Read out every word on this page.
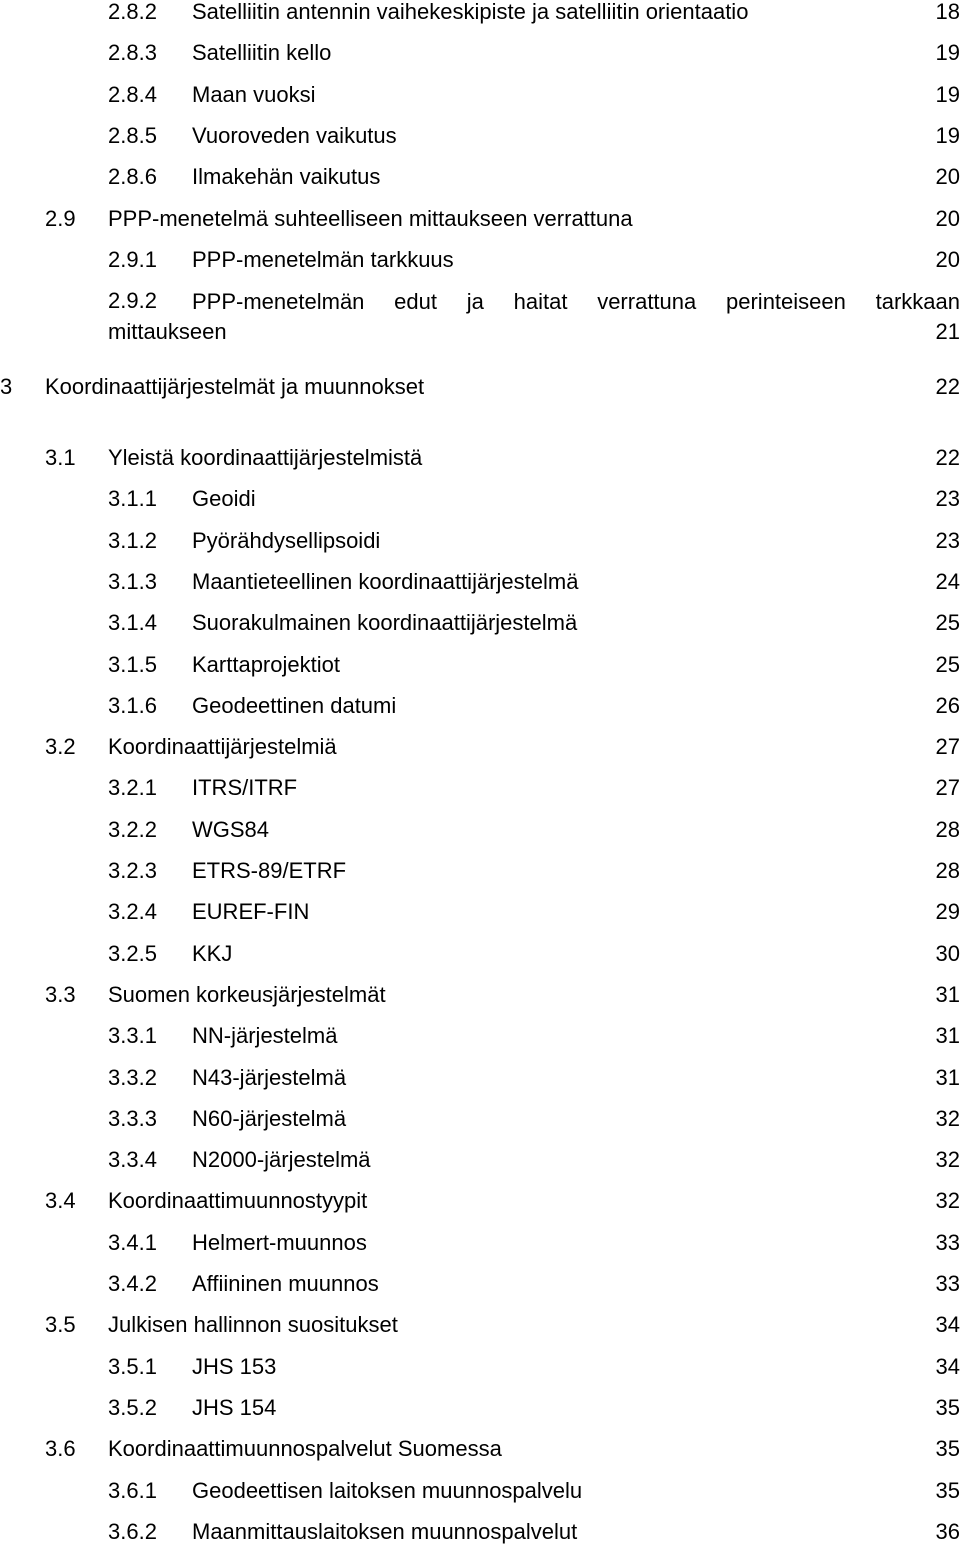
2.8.2 Satelliitin antennin vaihekeskipiste ja satelliitin orientaatio	18
2.8.3 Satelliitin kello	19
2.8.4 Maan vuoksi	19
2.8.5 Vuoroveden vaikutus	19
2.8.6 Ilmakehän vaikutus	20
2.9 PPP-menetelmä suhteelliseen mittaukseen verrattuna	20
2.9.1 PPP-menetelmän tarkkuus	20
2.9.2 PPP-menetelmän edut ja haitat verrattuna perinteiseen tarkkaan
mittaukseen	21
3 Koordinaattijärjestelmät ja muunnokset	22
3.1 Yleistä koordinaattijärjestelmistä	22
3.1.1 Geoidi	23
3.1.2 Pyörähdysellipsoidi	23
3.1.3 Maantieteellinen koordinaattijärjestelmä	24
3.1.4 Suorakulmainen koordinaattijärjestelmä	25
3.1.5 Karttaprojektiot	25
3.1.6 Geodeettinen datumi	26
3.2 Koordinaattijärjestelmiä	27
3.2.1 ITRS/ITRF	27
3.2.2 WGS84	28
3.2.3 ETRS-89/ETRF	28
3.2.4 EUREF-FIN	29
3.2.5 KKJ	30
3.3 Suomen korkeusjärjestelmät	31
3.3.1 NN-järjestelmä	31
3.3.2 N43-järjestelmä	31
3.3.3 N60-järjestelmä	32
3.3.4 N2000-järjestelmä	32
3.4 Koordinaattimuunnostyypit	32
3.4.1 Helmert-muunnos	33
3.4.2 Affiininen muunnos	33
3.5 Julkisen hallinnon suositukset	34
3.5.1 JHS 153	34
3.5.2 JHS 154	35
3.6 Koordinaattimuunnospalvelut Suomessa	35
3.6.1 Geodeettisen laitoksen muunnospalvelu	35
3.6.2 Maanmittauslaitoksen muunnospalvelut	36
